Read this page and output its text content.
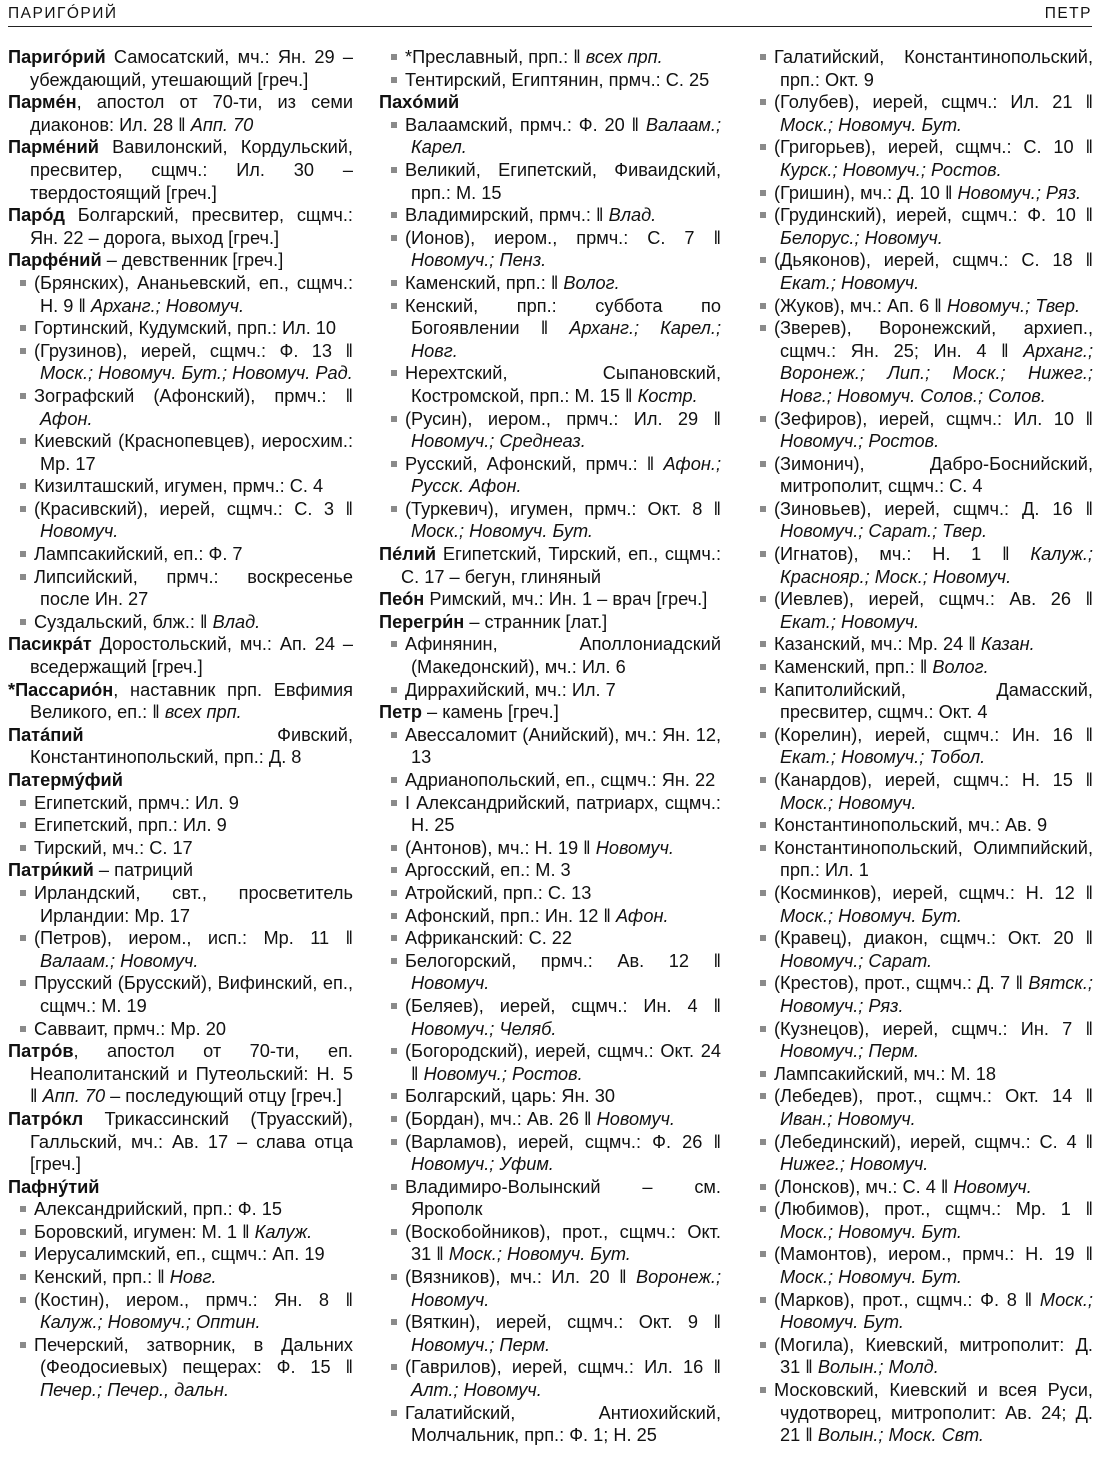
ПАРИГÓРИЙ	ПЕТР
Паригóрий Самосатский, мч.: Ян. 29 – убеждающий, утешающий [греч.]
Пармéн, апостол от 70-ти, из семи диаконов: Ил. 28 ‖ Апп. 70
Пармéний Вавилонский, Кордульский, пресвитер, сщмч.: Ил. 30 – твердостоящий [греч.]
Парóд Болгарский, пресвитер, сщмч.: Ян. 22 – дорога, выход [греч.]
Парфéний – девственник [греч.]
(Брянских), Ананьевский, еп., сщмч.: Н. 9 ‖ Арханг.; Новомуч.
Гортинский, Кудумский, прп.: Ил. 10
(Грузинов), иерей, сщмч.: Ф. 13 ‖ Моск.; Новомуч. Бут.; Новомуч. Рад.
Зографский (Афонский), прмч.: ‖ Афон.
Киевский (Краснопевцев), иеросхим.: Мр. 17
Кизилташский, игумен, прмч.: С. 4
(Красивский), иерей, сщмч.: С. 3 ‖ Новомуч.
Лампсакийский, еп.: Ф. 7
Липсийский, прмч.: воскресенье после Ин. 27
Суздальский, блж.: ‖ Влад.
Пасикрáт Доростольский, мч.: Ап. 24 – вседержащий [греч.]
*Пассарио́н, наставник прп. Евфимия Великого, еп.: ‖ всех прп.
Патáпий	Фивский, Константинопольский, прп.: Д. 8
Патермýфий
Египетский, прмч.: Ил. 9
Египетский, прп.: Ил. 9
Тирский, мч.: С. 17
Патри́кий – патриций
Ирландский, свт., просветитель Ирландии: Мр. 17
(Петров), иером., исп.: Мр. 11 ‖ Валаам.; Новомуч.
Прусский (Брусский), Вифинский, еп., сщмч.: М. 19
Савваит, прмч.: Мр. 20
Патрóв, апостол от 70-ти, еп. Неаполитанский и Путеольский: Н. 5 ‖ Апп. 70 – последующий отцу [греч.]
Патрóкл Трикассинский (Труасский), Галльский, мч.: Ав. 17 – слава отца [греч.]
Пафнýтий
Александрийский, прп.: Ф. 15
Боровский, игумен: М. 1 ‖ Калуж.
Иерусалимский, еп., сщмч.: Ап. 19
Кенский, прп.: ‖ Новг.
(Костин), иером., прмч.: Ян. 8 ‖ Калуж.; Новомуч.; Оптин.
Печерский, затворник, в Дальних (Феодосиевых) пещерах: Ф. 15 ‖ Печер.; Печер., дальн.
*Преславный, прп.: ‖ всех прп.
Тентирский, Египтянин, прмч.: С. 25
Пахóмий
Валаамский, прмч.: Ф. 20 ‖ Валаам.; Карел.
Великий, Египетский, Фиваидский, прп.: М. 15
Владимирский, прмч.: ‖ Влад.
(Ионов), иером., прмч.: С. 7 ‖ Новомуч.; Пенз.
Каменский, прп.: ‖ Волог.
Кенский, прп.: суббота по Богоявлении ‖ Арханг.; Карел.; Новг.
Нерехтский, Сыпановский, Костромской, прп.: М. 15 ‖ Костр.
(Русин), иером., прмч.: Ил. 29 ‖ Новомуч.; Среднеаз.
Русский, Афонский, прмч.: ‖ Афон.; Русск. Афон.
(Туркевич), игумен, прмч.: Окт. 8 ‖ Моск.; Новомуч. Бут.
Пéлий Египетский, Тирский, еп., сщмч.: С. 17 – бегун, глиняный
Пеóн Римский, мч.: Ин. 1 – врач [греч.]
Перегри́н – странник [лат.]
Афинянин, Аполлониадский (Македонский), мч.: Ил. 6
Диррахийский, мч.: Ил. 7
Петр – камень [греч.]
Авессаломит (Анийский), мч.: Ян. 12, 13
Адрианопольский, еп., сщмч.: Ян. 22
I Александрийский, патриарх, сщмч.: Н. 25
(Антонов), мч.: Н. 19 ‖ Новомуч.
Аргосский, еп.: М. 3
Атройский, прп.: С. 13
Афонский, прп.: Ин. 12 ‖ Афон.
Африканский: С. 22
Белогорский, прмч.: Ав. 12 ‖ Новомуч.
(Беляев), иерей, сщмч.: Ин. 4 ‖ Новомуч.; Челяб.
(Богородский), иерей, сщмч.: Окт. 24 ‖ Новомуч.; Ростов.
Болгарский, царь: Ян. 30
(Бордан), мч.: Ав. 26 ‖ Новомуч.
(Варламов), иерей, сщмч.: Ф. 26 ‖ Новомуч.; Уфим.
Владимиро-Волынский – см. Ярополк
(Воскобойников), прот., сщмч.: Окт. 31 ‖ Моск.; Новомуч. Бут.
(Вязников), мч.: Ил. 20 ‖ Воронеж.; Новомуч.
(Вяткин), иерей, сщмч.: Окт. 9 ‖ Новомуч.; Перм.
(Гаврилов), иерей, сщмч.: Ил. 16 ‖ Алт.; Новомуч.
Галатийский, Антиохийский, Молчальник, прп.: Ф. 1; Н. 25
Галатийский, Константинопольский, прп.: Окт. 9
(Голубев), иерей, сщмч.: Ил. 21 ‖ Моск.; Новомуч. Бут.
(Григорьев), иерей, сщмч.: С. 10 ‖ Курск.; Новомуч.; Ростов.
(Гришин), мч.: Д. 10 ‖ Новомуч.; Ряз.
(Грудинский), иерей, сщмч.: Ф. 10 ‖ Белорус.; Новомуч.
(Дьяконов), иерей, сщмч.: С. 18 ‖ Екат.; Новомуч.
(Жуков), мч.: Ап. 6 ‖ Новомуч.; Твер.
(Зверев), Воронежский, архиеп., сщмч.: Ян. 25; Ин. 4 ‖ Арханг.; Воронеж.; Лип.; Моск.; Нижег.; Новг.; Новомуч. Солов.; Солов.
(Зефиров), иерей, сщмч.: Ил. 10 ‖ Новомуч.; Ростов.
(Зимонич), Дабро-Боснийский, митрополит, сщмч.: С. 4
(Зиновьев), иерей, сщмч.: Д. 16 ‖ Новомуч.; Сарат.; Твер.
(Игнатов), мч.: Н. 1 ‖ Калуж.; Краснояр.; Моск.; Новомуч.
(Иевлев), иерей, сщмч.: Ав. 26 ‖ Екат.; Новомуч.
Казанский, мч.: Мр. 24 ‖ Казан.
Каменский, прп.: ‖ Волог.
Капитолийский, Дамасский, пресвитер, сщмч.: Окт. 4
(Корелин), иерей, сщмч.: Ин. 16 ‖ Екат.; Новомуч.; Тобол.
(Канардов), иерей, сщмч.: Н. 15 ‖ Моск.; Новомуч.
Константинопольский, мч.: Ав. 9
Константинопольский, Олимпийский, прп.: Ил. 1
(Косминков), иерей, сщмч.: Н. 12 ‖ Моск.; Новомуч. Бут.
(Кравец), диакон, сщмч.: Окт. 20 ‖ Новомуч.; Сарат.
(Крестов), прот., сщмч.: Д. 7 ‖ Вятск.; Новомуч.; Ряз.
(Кузнецов), иерей, сщмч.: Ин. 7 ‖ Новомуч.; Перм.
Лампсакийский, мч.: М. 18
(Лебедев), прот., сщмч.: Окт. 14 ‖ Иван.; Новомуч.
(Лебединский), иерей, сщмч.: С. 4 ‖ Нижег.; Новомуч.
(Лонсков), мч.: С. 4 ‖ Новомуч.
(Любимов), прот., сщмч.: Мр. 1 ‖ Моск.; Новомуч. Бут.
(Мамонтов), иером., прмч.: Н. 19 ‖ Моск.; Новомуч. Бут.
(Марков), прот., сщмч.: Ф. 8 ‖ Моск.; Новомуч. Бут.
(Могила), Киевский, митрополит: Д. 31 ‖ Волын.; Молд.
Московский, Киевский и всея Руси, чудотворец, митрополит: Ав. 24; Д. 21 ‖ Волын.; Моск. Свт.
